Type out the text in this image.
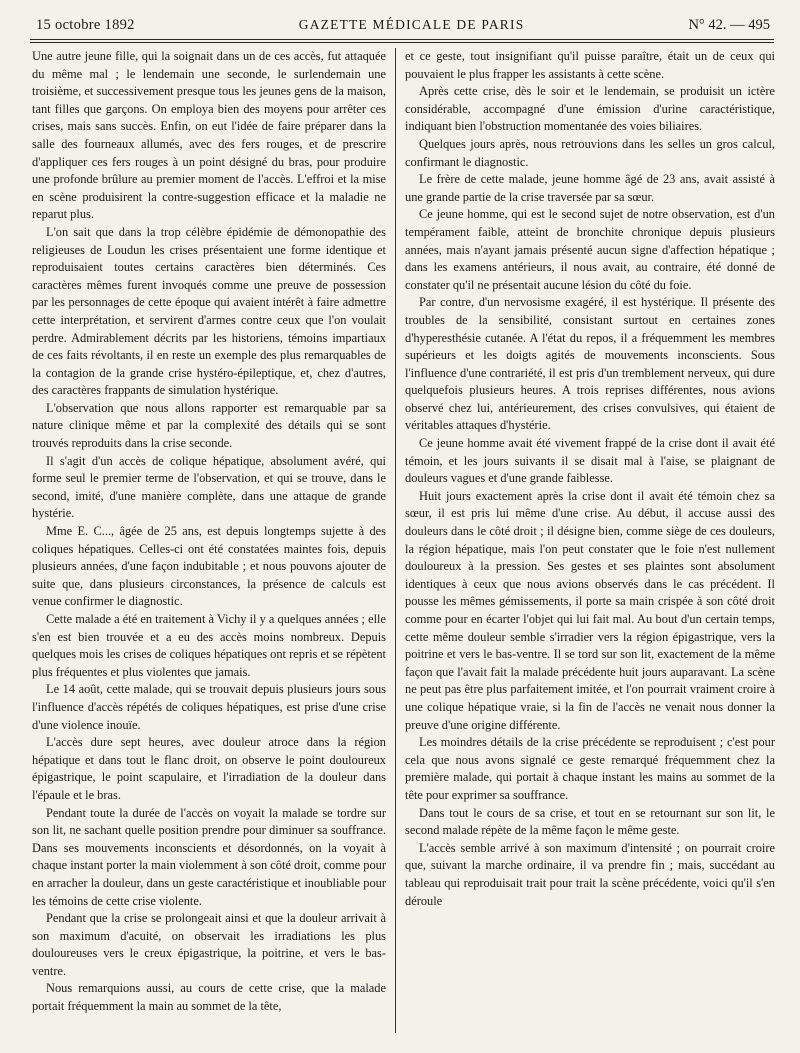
15 octobre 1892	GAZETTE MÉDICALE DE PARIS	N° 42. — 495

Une autre jeune fille, qui la soignait dans un de ces accès, fut attaquée du même mal ; le lendemain une seconde, le surlendemain une troisième, et successivement presque tous les jeunes gens de la maison, tant filles que garçons. On employa bien des moyens pour arrêter ces crises, mais sans succès. Enfin, on eut l'idée de faire préparer dans la salle des fourneaux allumés, avec des fers rouges, et de prescrire d'appliquer ces fers rouges à un point désigné du bras, pour produire une profonde brûlure au premier moment de l'accès. L'effroi et la mise en scène produisirent la contre-suggestion efficace et la maladie ne reparut plus.

L'on sait que dans la trop célèbre épidémie de démonopathie des religieuses de Loudun les crises présentaient une forme identique et reproduisaient toutes certains caractères bien déterminés. Ces caractères mêmes furent invoqués comme une preuve de possession par les personnages de cette époque qui avaient intérêt à faire admettre cette interprétation, et servirent d'armes contre ceux que l'on voulait perdre. Admirablement décrits par les historiens, témoins impartiaux de ces faits révoltants, il en reste un exemple des plus remarquables de la contagion de la grande crise hystéro-épileptique, et, chez d'autres, des caractères frappants de simulation hystérique.

L'observation que nous allons rapporter est remarquable par sa nature clinique même et par la complexité des détails qui se sont trouvés reproduits dans la crise seconde.

Il s'agit d'un accès de colique hépatique, absolument avéré, qui forme seul le premier terme de l'observation, et qui se trouve, dans le second, imité, d'une manière complète, dans une attaque de grande hystérie.

Mme E. C..., âgée de 25 ans, est depuis longtemps sujette à des coliques hépatiques. Celles-ci ont été constatées maintes fois, depuis plusieurs années, d'une façon indubitable ; et nous pouvons ajouter de suite que, dans plusieurs circonstances, la présence de calculs est venue confirmer le diagnostic.

Cette malade a été en traitement à Vichy il y a quelques années ; elle s'en est bien trouvée et a eu des accès moins nombreux. Depuis quelques mois les crises de coliques hépatiques ont repris et se répètent plus fréquentes et plus violentes que jamais.

Le 14 août, cette malade, qui se trouvait depuis plusieurs jours sous l'influence d'accès répétés de coliques hépatiques, est prise d'une crise d'une violence inouïe.

L'accès dure sept heures, avec douleur atroce dans la région hépatique et dans tout le flanc droit, on observe le point douloureux épigastrique, le point scapulaire, et l'irradiation de la douleur dans l'épaule et le bras.

Pendant toute la durée de l'accès on voyait la malade se tordre sur son lit, ne sachant quelle position prendre pour diminuer sa souffrance. Dans ses mouvements inconscients et désordonnés, on la voyait à chaque instant porter la main violemment à son côté droit, comme pour en arracher la douleur, dans un geste caractéristique et inoubliable pour les témoins de cette crise violente.

Pendant que la crise se prolongeait ainsi et que la douleur arrivait à son maximum d'acuité, on observait les irradiations les plus douloureuses vers le creux épigastrique, la poitrine, et vers le bas-ventre.

Nous remarquions aussi, au cours de cette crise, que la malade portait fréquemment la main au sommet de la tête,

et ce geste, tout insignifiant qu'il puisse paraître, était un de ceux qui pouvaient le plus frapper les assistants à cette scène.

Après cette crise, dès le soir et le lendemain, se produisit un ictère considérable, accompagné d'une émission d'urine caractéristique, indiquant bien l'obstruction momentanée des voies biliaires.

Quelques jours après, nous retrouvions dans les selles un gros calcul, confirmant le diagnostic.

Le frère de cette malade, jeune homme âgé de 23 ans, avait assisté à une grande partie de la crise traversée par sa sœur.

Ce jeune homme, qui est le second sujet de notre observation, est d'un tempérament faible, atteint de bronchite chronique depuis plusieurs années, mais n'ayant jamais présenté aucun signe d'affection hépatique ; dans les examens antérieurs, il nous avait, au contraire, été donné de constater qu'il ne présentait aucune lésion du côté du foie.

Par contre, d'un nervosisme exagéré, il est hystérique. Il présente des troubles de la sensibilité, consistant surtout en certaines zones d'hyperesthésie cutanée. A l'état du repos, il a fréquemment les membres supérieurs et les doigts agités de mouvements inconscients. Sous l'influence d'une contrariété, il est pris d'un tremblement nerveux, qui dure quelquefois plusieurs heures. A trois reprises différentes, nous avions observé chez lui, antérieurement, des crises convulsives, qui étaient de véritables attaques d'hystérie.

Ce jeune homme avait été vivement frappé de la crise dont il avait été témoin, et les jours suivants il se disait mal à l'aise, se plaignant de douleurs vagues et d'une grande faiblesse.

Huit jours exactement après la crise dont il avait été témoin chez sa sœur, il est pris lui même d'une crise. Au début, il accuse aussi des douleurs dans le côté droit ; il désigne bien, comme siège de ces douleurs, la région hépatique, mais l'on peut constater que le foie n'est nullement douloureux à la pression. Ses gestes et ses plaintes sont absolument identiques à ceux que nous avions observés dans le cas précédent. Il pousse les mêmes gémissements, il porte sa main crispée à son côté droit comme pour en écarter l'objet qui lui fait mal. Au bout d'un certain temps, cette même douleur semble s'irradier vers la région épigastrique, vers la poitrine et vers le bas-ventre. Il se tord sur son lit, exactement de la même façon que l'avait fait la malade précédente huit jours auparavant. La scène ne peut pas être plus parfaitement imitée, et l'on pourrait vraiment croire à une colique hépatique vraie, si la fin de l'accès ne venait nous donner la preuve d'une origine différente.

Les moindres détails de la crise précédente se reproduisent ; c'est pour cela que nous avons signalé ce geste remarqué fréquemment chez la première malade, qui portait à chaque instant les mains au sommet de la tête pour exprimer sa souffrance.

Dans tout le cours de sa crise, et tout en se retournant sur son lit, le second malade répète de la même façon le même geste.

L'accès semble arrivé à son maximum d'intensité ; on pourrait croire que, suivant la marche ordinaire, il va prendre fin ; mais, succédant au tableau qui reproduisait trait pour trait la scène précédente, voici qu'il s'en déroule
